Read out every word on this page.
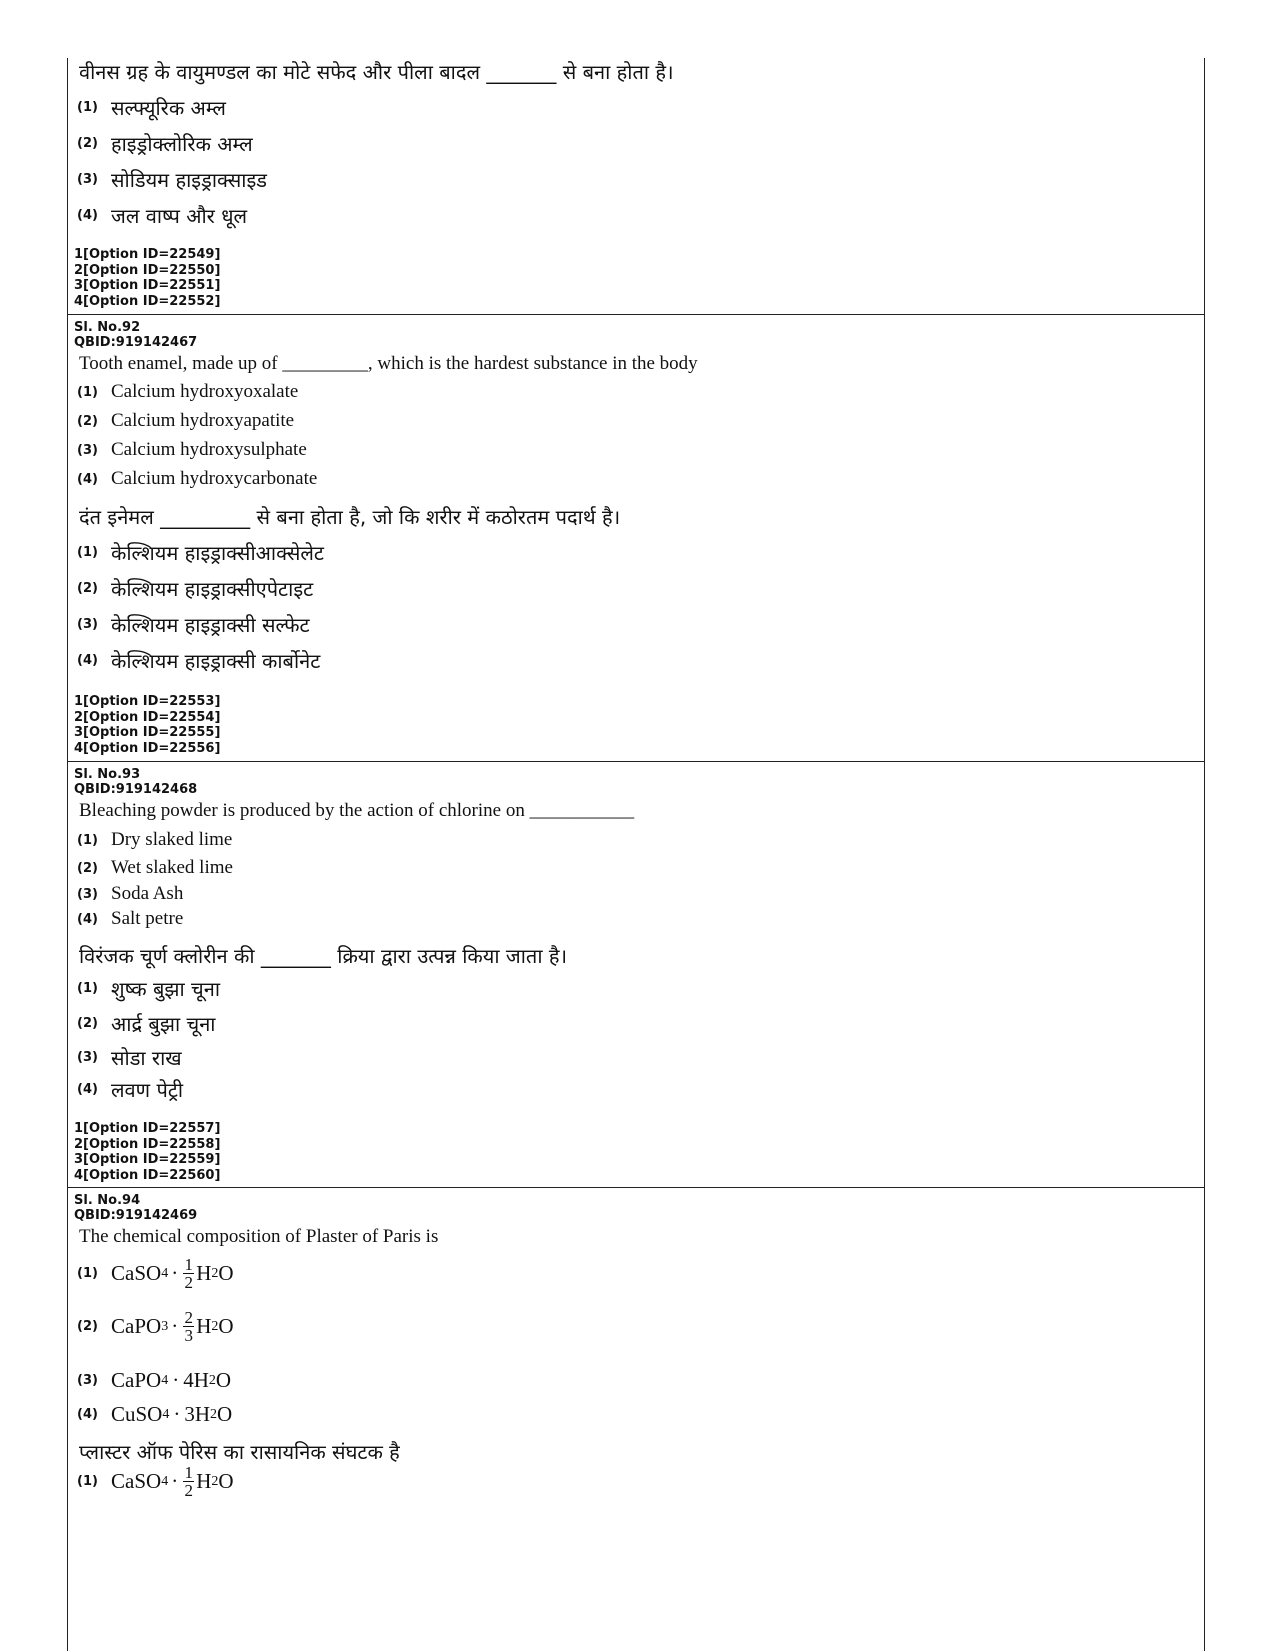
वीनस ग्रह के वायुमण्डल का मोटे सफेद और पीला बादल _______ से बना होता है।
(1) सल्फ्यूरिक अम्ल
(2) हाइड्रोक्लोरिक अम्ल
(3) सोडियम हाइड्राक्साइड
(4) जल वाष्प और धूल
1[Option ID=22549]
2[Option ID=22550]
3[Option ID=22551]
4[Option ID=22552]
Sl. No.92
QBID:919142467
Tooth enamel, made up of _________, which is the hardest substance in the body
(1) Calcium hydroxyoxalate
(2) Calcium hydroxyapatite
(3) Calcium hydroxysulphate
(4) Calcium hydroxycarbonate
दंत इनेमल _________ से बना होता है, जो कि शरीर में कठोरतम पदार्थ है।
(1) केल्शियम हाइड्राक्सीआक्सेलेट
(2) केल्शियम हाइड्राक्सीएपेटाइट
(3) केल्शियम हाइड्राक्सी सल्फेट
(4) केल्शियम हाइड्राक्सी कार्बोनेट
1[Option ID=22553]
2[Option ID=22554]
3[Option ID=22555]
4[Option ID=22556]
Sl. No.93
QBID:919142468
Bleaching powder is produced by the action of chlorine on ___________
(1) Dry slaked lime
(2) Wet slaked lime
(3) Soda Ash
(4) Salt petre
विरंजक चूर्ण क्लोरीन की _______ क्रिया द्वारा उत्पन्न किया जाता है।
(1) शुष्क बुझा चूना
(2) आर्द्र बुझा चूना
(3) सोडा राख
(4) लवण पेट्री
1[Option ID=22557]
2[Option ID=22558]
3[Option ID=22559]
4[Option ID=22560]
Sl. No.94
QBID:919142469
The chemical composition of Plaster of Paris is
(1) CaSO $4 \cdot \frac{1}{2}$ H 2 O
(2) CaPO $3 \cdot \frac{2}{3}$ H 2 O
(3) CaPO 4 · 4 H 2 O
(4) CuSO 4 · 3 H 2 O
प्लास्टर ऑफ पेरिस का रासायनिक संघटक है
(1) CaSO $4 \cdot \frac{1}{2}$ H 2 O
